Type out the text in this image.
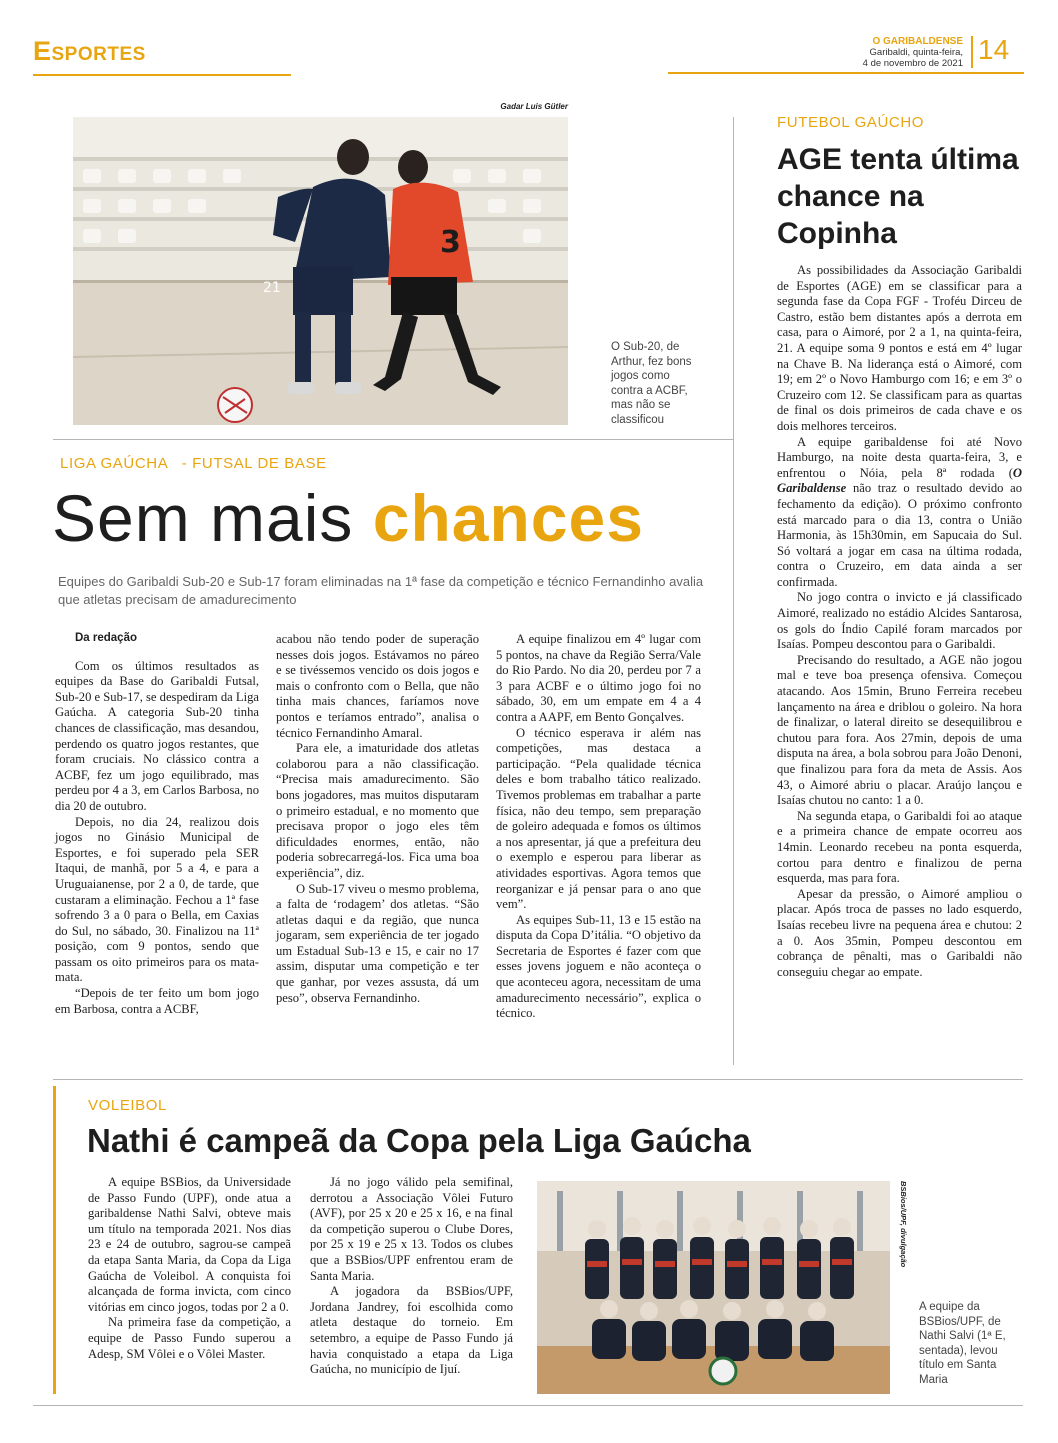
Esportes	O GARIBALDENSE
Garibaldi, quinta-feira,
4 de novembro de 2021 14
Gadar Luis Gütler
21
3
O Sub-20, de Arthur, fez bons jogos como contra a ACBF, mas não se classificou
LIGA GAÚCHA   - FUTSAL DE BASE
Sem mais chances
Equipes do Garibaldi Sub-20 e Sub-17 foram eliminadas na 1ª fase da competição e técnico Fernandinho avalia que atletas precisam de amadurecimento

Da redação

Com os últimos resultados as equipes da Base do Garibaldi Futsal, Sub-20 e Sub-17, se despediram da Liga Gaúcha. A categoria Sub-20 tinha chances de classificação, mas desandou, perdendo os quatro jogos restantes, que foram cruciais. No clássico contra a ACBF, fez um jogo equilibrado, mas perdeu por 4 a 3, em Carlos Barbosa, no dia 20 de outubro.

Depois, no dia 24, realizou dois jogos no Ginásio Municipal de Esportes, e foi superado pela SER Itaqui, de manhã, por 5 a 4, e para a Uruguaianense, por 2 a 0, de tarde, que custaram a eliminação. Fechou a 1ª fase sofrendo 3 a 0 para o Bella, em Caxias do Sul, no sábado, 30. Finalizou na 11ª posição, com 9 pontos, sendo que passam os oito primeiros para os mata-mata.

“Depois de ter feito um bom jogo em Barbosa, contra a ACBF,

acabou não tendo poder de superação nesses dois jogos. Estávamos no páreo e se tivéssemos vencido os dois jogos e mais o confronto com o Bella, que não tinha mais chances, faríamos nove pontos e teríamos entrado”, analisa o técnico Fernandinho Amaral.

Para ele, a imaturidade dos atletas colaborou para a não classificação. “Precisa mais amadurecimento. São bons jogadores, mas muitos disputaram o primeiro estadual, e no momento que precisava propor o jogo eles têm dificuldades enormes, então, não poderia sobrecarregá-los. Fica uma boa experiência”, diz.

O Sub-17 viveu o mesmo problema, a falta de ‘rodagem’ dos atletas. “São atletas daqui e da região, que nunca jogaram, sem experiência de ter jogado um Estadual Sub-13 e 15, e cair no 17 assim, disputar uma competição e ter que ganhar, por vezes assusta, dá um peso”, observa Fernandinho.

A equipe finalizou em 4º lugar com 5 pontos, na chave da Região Serra/Vale do Rio Pardo. No dia 20, perdeu por 7 a 3 para ACBF e o último jogo foi no sábado, 30, em um empate em 4 a 4 contra a AAPF, em Bento Gonçalves.

O técnico esperava ir além nas competições, mas destaca a participação. “Pela qualidade técnica deles e bom trabalho tático realizado. Tivemos problemas em trabalhar a parte física, não deu tempo, sem preparação de goleiro adequada e fomos os últimos a nos apresentar, já que a prefeitura deu o exemplo e esperou para liberar as atividades esportivas. Agora temos que reorganizar e já pensar para o ano que vem”.

As equipes Sub-11, 13 e 15 estão na disputa da Copa D’itália. “O objetivo da Secretaria de Esportes é fazer com que esses jovens joguem e não aconteça o que aconteceu agora, necessitam de uma amadurecimento necessário”, explica o técnico.

FUTEBOL GAÚCHO
AGE tenta última chance na Copinha

As possibilidades da Associação Garibaldi de Esportes (AGE) em se classificar para a segunda fase da Copa FGF - Troféu Dirceu de Castro, estão bem distantes após a derrota em casa, para o Aimoré, por 2 a 1, na quinta-feira, 21. A equipe soma 9 pontos e está em 4º lugar na Chave B. Na liderança está o Aimoré, com 19; em 2º o Novo Hamburgo com 16; e em 3º o Cruzeiro com 12. Se classificam para as quartas de final os dois primeiros de cada chave e os dois melhores terceiros.

A equipe garibaldense foi até Novo Hamburgo, na noite desta quarta-feira, 3, e enfrentou o Nóia, pela 8ª rodada (O Garibaldense não traz o resultado devido ao fechamento da edição). O próximo confronto está marcado para o dia 13, contra o União Harmonia, às 15h30min, em Sapucaia do Sul. Só voltará a jogar em casa na última rodada, contra o Cruzeiro, em data ainda a ser confirmada.

No jogo contra o invicto e já classificado Aimoré, realizado no estádio Alcides Santarosa, os gols do Índio Capilé foram marcados por Isaías. Pompeu descontou para o Garibaldi.

Precisando do resultado, a AGE não jogou mal e teve boa presença ofensiva. Começou atacando. Aos 15min, Bruno Ferreira recebeu lançamento na área e driblou o goleiro. Na hora de finalizar, o lateral direito se desequilibrou e chutou para fora. Aos 27min, depois de uma disputa na área, a bola sobrou para João Denoni, que finalizou para fora da meta de Assis. Aos 43, o Aimoré abriu o placar. Araújo lançou e Isaías chutou no canto: 1 a 0.

Na segunda etapa, o Garibaldi foi ao ataque e a primeira chance de empate ocorreu aos 14min. Leonardo recebeu na ponta esquerda, cortou para dentro e finalizou de perna esquerda, mas para fora.

Apesar da pressão, o Aimoré ampliou o placar. Após troca de passes no lado esquerdo, Isaías recebeu livre na pequena área e chutou: 2 a 0. Aos 35min, Pompeu descontou em cobrança de pênalti, mas o Garibaldi não conseguiu chegar ao empate.

VOLEIBOL
Nathi é campeã da Copa pela Liga Gaúcha

A equipe BSBios, da Universidade de Passo Fundo (UPF), onde atua a garibaldense Nathi Salvi, obteve mais um título na temporada 2021. Nos dias 23 e 24 de outubro, sagrou-se campeã da etapa Santa Maria, da Copa da Liga Gaúcha de Voleibol. A conquista foi alcançada de forma invicta, com cinco vitórias em cinco jogos, todas por 2 a 0.

Na primeira fase da competição, a equipe de Passo Fundo superou a Adesp, SM Vôlei e o Vôlei Master.

Já no jogo válido pela semifinal, derrotou a Associação Vôlei Futuro (AVF), por 25 x 20 e 25 x 16, e na final da competição superou o Clube Dores, por 25 x 19 e 25 x 13. Todos os clubes que a BSBios/UPF enfrentou eram de Santa Maria.

A jogadora da BSBios/UPF, Jordana Jandrey, foi escolhida como atleta destaque do torneio. Em setembro, a equipe de Passo Fundo já havia conquistado a etapa da Liga Gaúcha, no município de Ijuí.

BSBios/UPF, divulgação
A equipe da BSBios/UPF, de Nathi Salvi (1ª E, sentada), levou título em Santa Maria
